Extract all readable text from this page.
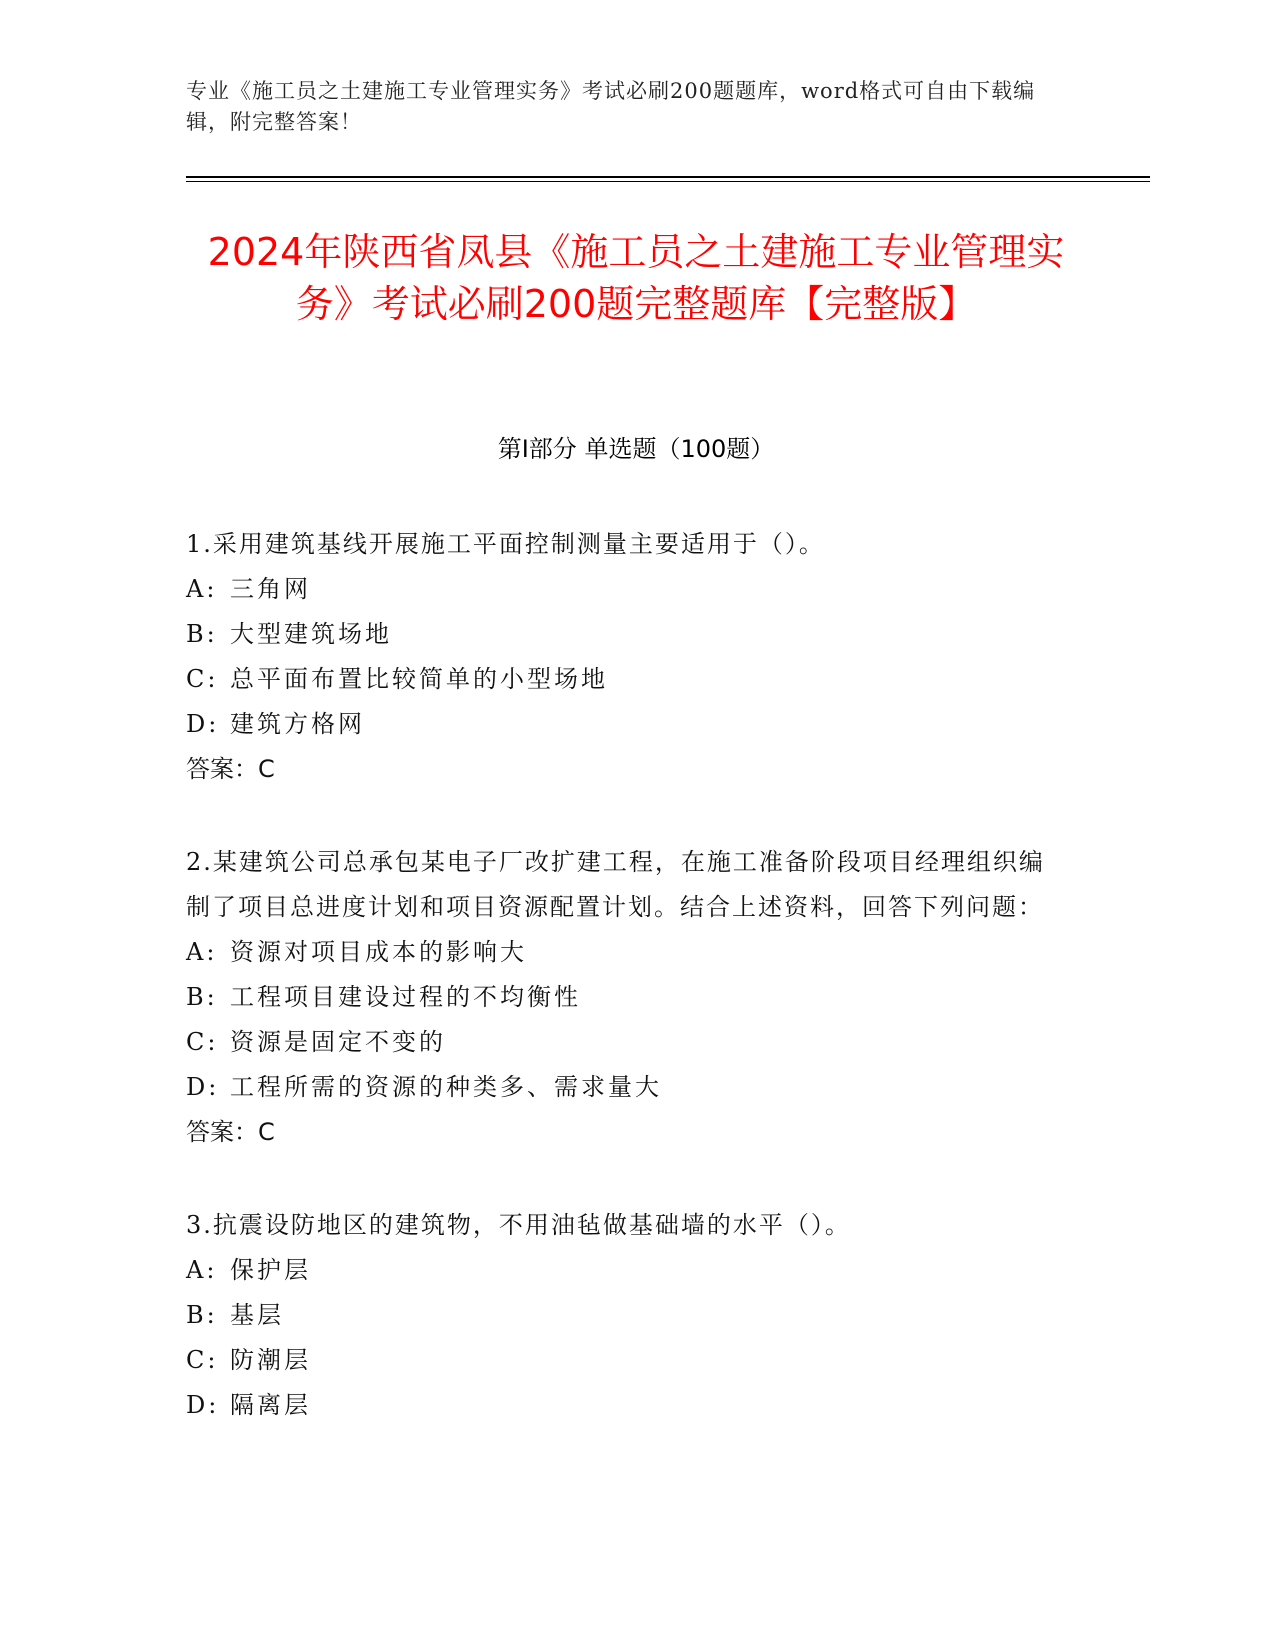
专业《施工员之土建施工专业管理实务》考试必刷200题题库，word格式可自由下载编辑，附完整答案！
2024年陕西省凤县《施工员之土建施工专业管理实务》考试必刷200题完整题库【完整版】
第Ⅰ部分 单选题（100题）

1.采用建筑基线开展施工平面控制测量主要适用于（）。

A: 三角网

B: 大型建筑场地

C: 总平面布置比较简单的小型场地

D: 建筑方格网

答案：C

2.某建筑公司总承包某电子厂改扩建工程，在施工准备阶段项目经理组织编制了项目总进度计划和项目资源配置计划。结合上述资料，回答下列问题：

A: 资源对项目成本的影响大

B: 工程项目建设过程的不均衡性

C: 资源是固定不变的

D: 工程所需的资源的种类多、需求量大

答案：C

3.抗震设防地区的建筑物，不用油毡做基础墙的水平（）。

A: 保护层

B: 基层

C: 防潮层

D: 隔离层
